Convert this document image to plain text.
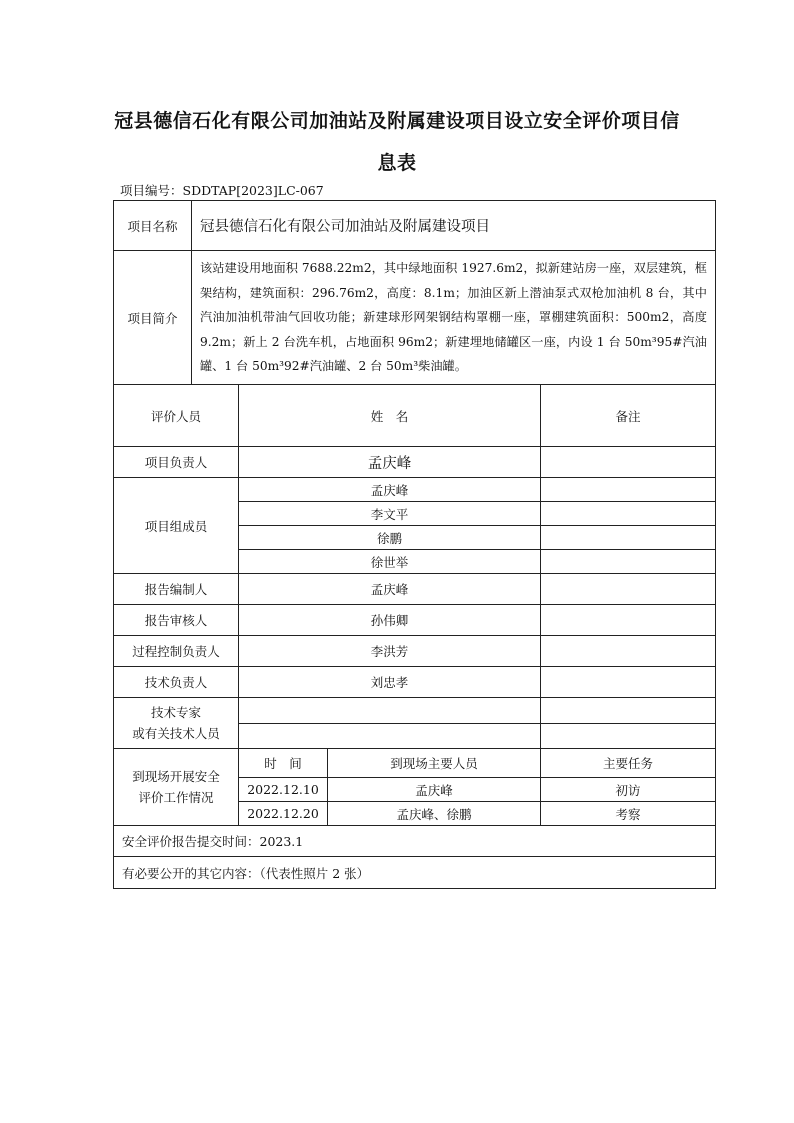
冠县德信石化有限公司加油站及附属建设项目设立安全评价项目信
息表
项目编号：SDDTAP[2023]LC-067
项目名称	冠县德信石化有限公司加油站及附属建设项目			
项目简介	该站建设用地面积 7688.22m2，其中绿地面积 1927.6m2，拟新建站房一座，双层建筑，框架结构，建筑面积：296.76m2，高度：8.1m；加油区新上潜油泵式双枪加油机 8 台，其中汽油加油机带油气回收功能；新建球形网架钢结构罩棚一座，罩棚建筑面积：500m2，高度 9.2m；新上 2 台洗车机，占地面积 96m2；新建埋地储罐区一座，内设 1 台 50m³95#汽油罐、1 台 50m³92#汽油罐、2 台 50m³柴油罐。			
评价人员		姓　名		备注
项目负责人		孟庆峰		
项目组成员		孟庆峰		
		李文平		
		徐鹏		
		徐世举		
报告编制人		孟庆峰		
报告审核人		孙伟卿		
过程控制负责人		李洪芳		
技术负责人		刘忠孝		

技术专家
或有关技术人员				

到现场开展安全
评价工作情况		时　间	到现场主要人员	主要任务
		2022.12.10	孟庆峰	初访
		2022.12.20	孟庆峰、徐鹏	考察
安全评价报告提交时间：2023.1				
有必要公开的其它内容：（代表性照片 2 张）				
